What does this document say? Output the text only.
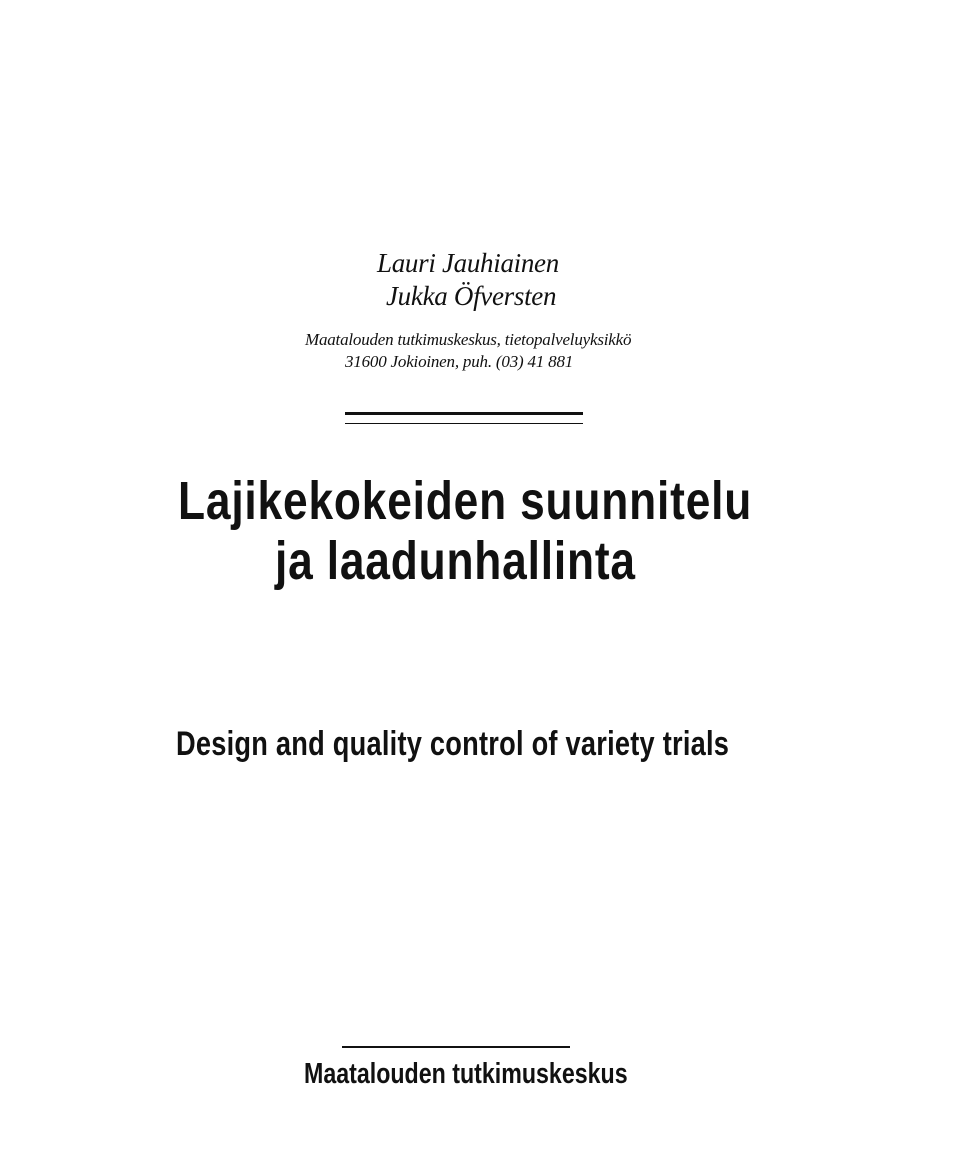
Lauri Jauhiainen
Jukka Öfversten
Maatalouden tutkimuskeskus, tietopalveluyksikkö
31600 Jokioinen, puh. (03) 41 881
Lajikekokeiden suunnitelu
ja laadunhallinta
Design and quality control of variety trials
Maatalouden tutkimuskeskus
